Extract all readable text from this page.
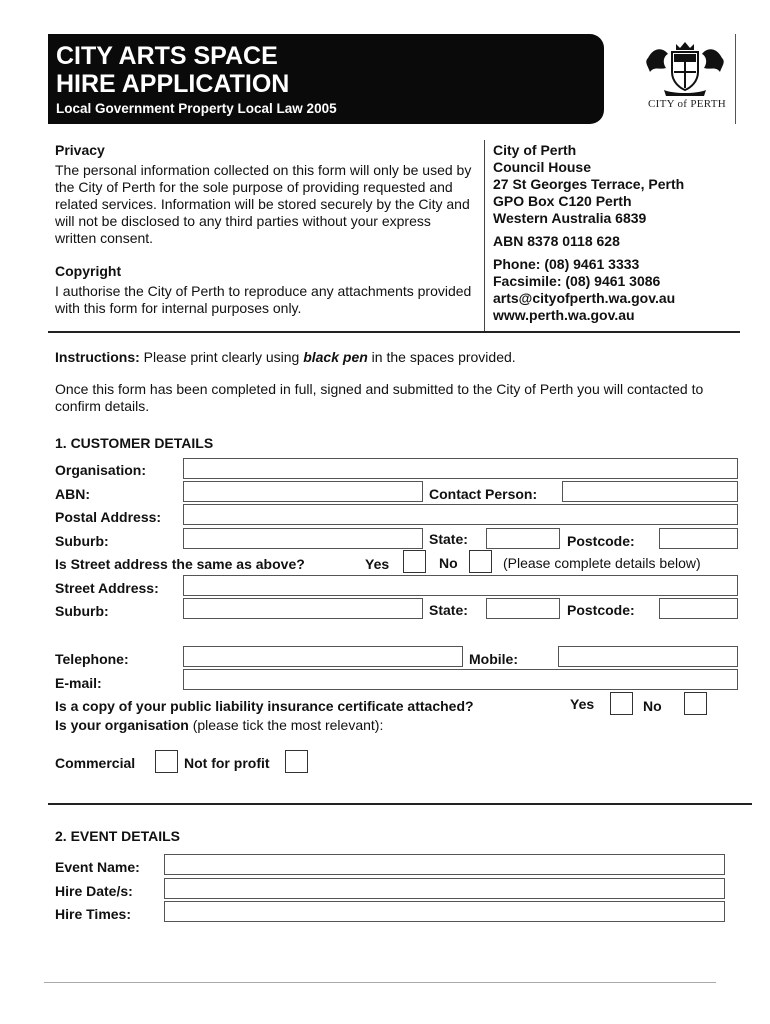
CITY ARTS SPACE
HIRE APPLICATION
Local Government Property Local Law 2005	CITY of PERTH
Privacy
The personal information collected on this form will only be used by the City of Perth for the sole purpose of providing requested and related services. Information will be stored securely by the City and will not be disclosed to any third parties without your express written consent.
Copyright
I authorise the City of Perth to reproduce any attachments provided with this form for internal purposes only.
City of Perth
Council House
27 St Georges Terrace, Perth
GPO Box C120 Perth
Western Australia 6839
ABN 8378 0118 628
Phone: (08) 9461 3333
Facsimile: (08) 9461 3086
arts@cityofperth.wa.gov.au
www.perth.wa.gov.au
Instructions: Please print clearly using black pen in the spaces provided.
Once this form has been completed in full, signed and submitted to the City of Perth you will contacted to confirm details.
1. CUSTOMER DETAILS
Organisation:
ABN:	Contact Person:
Postal Address:
Suburb:	State:	Postcode:
Is Street address the same as above?	Yes	No	(Please complete details below)
Street Address:
Suburb:	State:	Postcode:
Telephone:	Mobile:
E-mail:
Is a copy of your public liability insurance certificate attached?	Yes	No
Is your organisation (please tick the most relevant):
Commercial	Not for profit
2. EVENT DETAILS
Event Name:
Hire Date/s:
Hire Times:
